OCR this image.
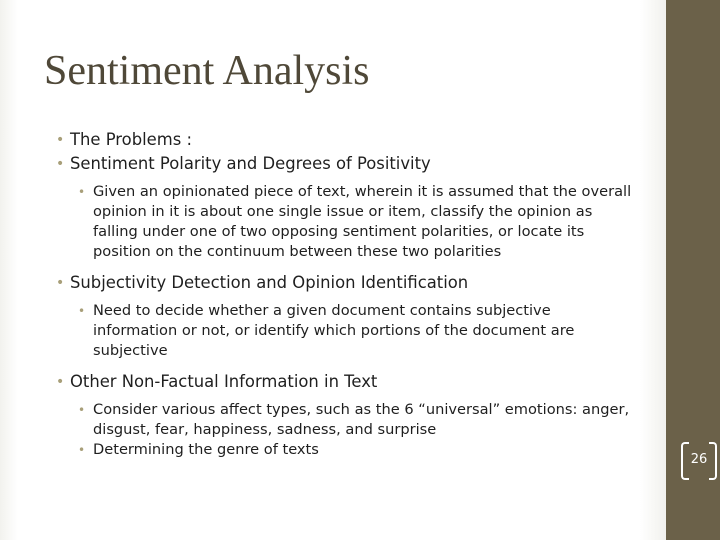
Sentiment Analysis

• The Problems :

• Sentiment Polarity and Degrees of Positivity

• Given an opinionated piece of text, wherein it is assumed that the overall opinion in it is about one single issue or item, classify the opinion as falling under one of two opposing sentiment polarities, or locate its position on the continuum between these two polarities

• Subjectivity Detection and Opinion Identification

• Need to decide whether a given document contains subjective information or not, or identify which portions of the document are subjective

• Other Non-Factual Information in Text

• Consider various affect types, such as the 6 “universal” emotions: anger, disgust, fear, happiness, sadness, and surprise

• Determining the genre of texts

26
